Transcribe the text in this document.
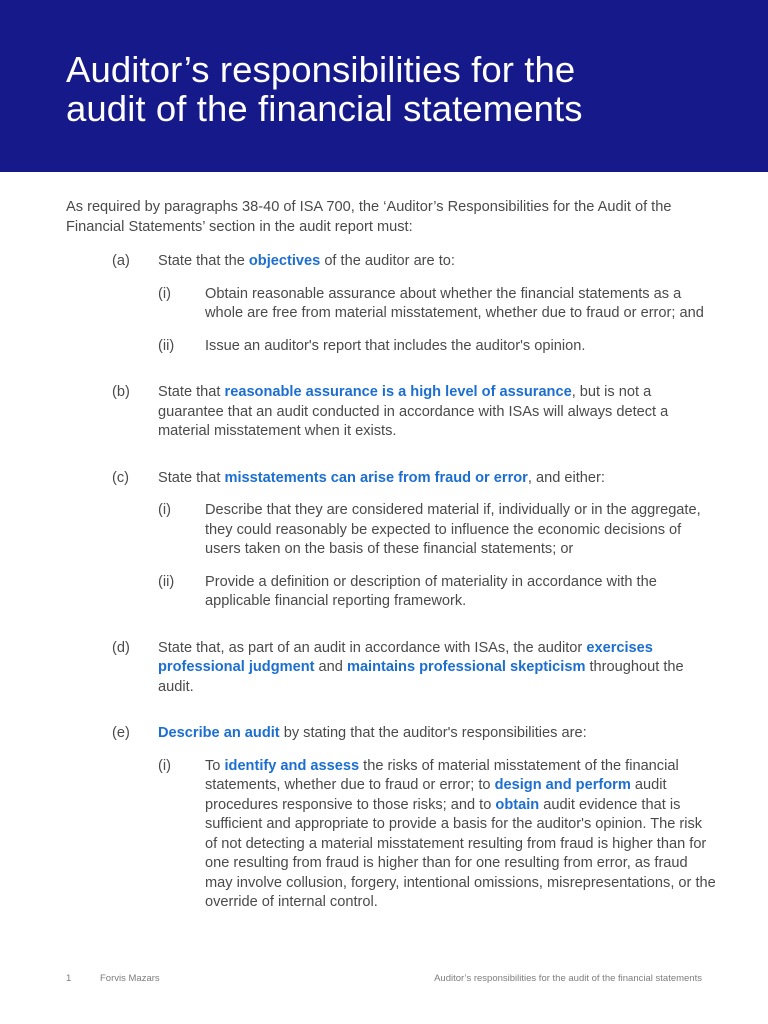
Auditor’s responsibilities for the
audit of the financial statements

As required by paragraphs 38-40 of ISA 700, the ‘Auditor’s Responsibilities for the Audit of the Financial Statements’ section in the audit report must:

(a) State that the objectives of the auditor are to:
(i) Obtain reasonable assurance about whether the financial statements as a whole are free from material misstatement, whether due to fraud or error; and
(ii) Issue an auditor's report that includes the auditor's opinion.
(b) State that reasonable assurance is a high level of assurance, but is not a guarantee that an audit conducted in accordance with ISAs will always detect a material misstatement when it exists.
(c) State that misstatements can arise from fraud or error, and either:
(i) Describe that they are considered material if, individually or in the aggregate, they could reasonably be expected to influence the economic decisions of users taken on the basis of these financial statements; or
(ii) Provide a definition or description of materiality in accordance with the applicable financial reporting framework.
(d) State that, as part of an audit in accordance with ISAs, the auditor exercises professional judgment and maintains professional skepticism throughout the audit.
(e) Describe an audit by stating that the auditor's responsibilities are:
(i) To identify and assess the risks of material misstatement of the financial statements, whether due to fraud or error; to design and perform audit procedures responsive to those risks; and to obtain audit evidence that is sufficient and appropriate to provide a basis for the auditor's opinion. The risk of not detecting a material misstatement resulting from fraud is higher than for one resulting from fraud is higher than for one resulting from error, as fraud may involve collusion, forgery, intentional omissions, misrepresentations, or the override of internal control.
1	Forvis Mazars	Auditor’s responsibilities for the audit of the financial statements
